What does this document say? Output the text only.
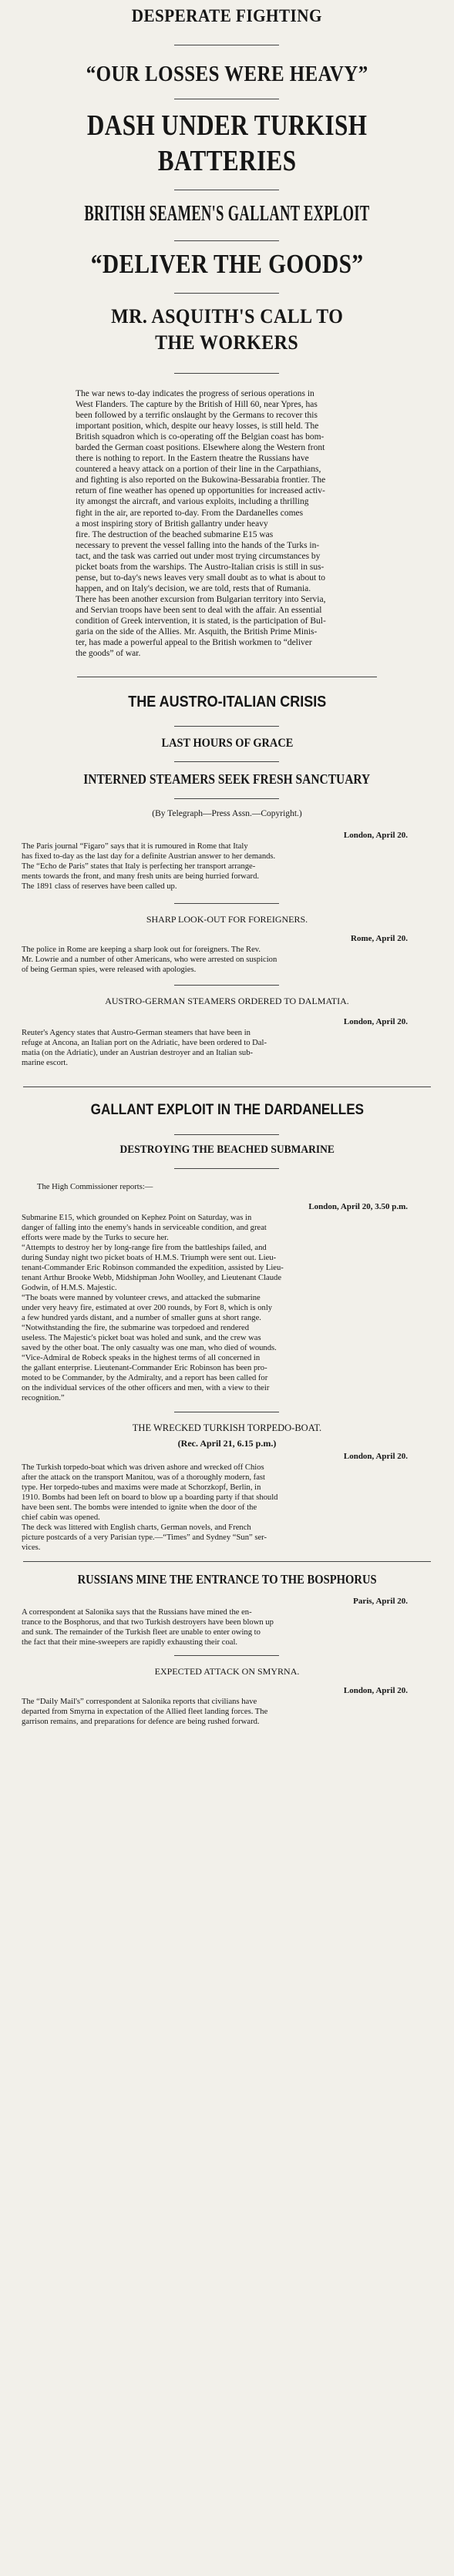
DESPERATE FIGHTING
“OUR LOSSES WERE HEAVY”
DASH UNDER TURKISH
BATTERIES
BRITISH SEAMEN'S GALLANT EXPLOIT
“DELIVER THE GOODS”
MR. ASQUITH'S CALL TO
THE WORKERS
The war news to-day indicates the progress of serious operations in
West Flanders. The capture by the British of Hill 60, near Ypres, has
been followed by a terrific onslaught by the Germans to recover this
important position, which, despite our heavy losses, is still held. The
British squadron which is co-operating off the Belgian coast has bom-
barded the German coast positions. Elsewhere along the Western front
there is nothing to report. In the Eastern theatre the Russians have
countered a heavy attack on a portion of their line in the Carpathians,
and fighting is also reported on the Bukowina-Bessarabia frontier. The
return of fine weather has opened up opportunities for increased activ-
ity amongst the aircraft, and various exploits, including a thrilling
fight in the air, are reported to-day. From the Dardanelles comes
a most inspiring story of British gallantry under heavy
fire. The destruction of the beached submarine E15 was
necessary to prevent the vessel falling into the hands of the Turks in-
tact, and the task was carried out under most trying circumstances by
picket boats from the warships. The Austro-Italian crisis is still in sus-
pense, but to-day's news leaves very small doubt as to what is about to
happen, and on Italy's decision, we are told, rests that of Rumania.
There has been another excursion from Bulgarian territory into Servia,
and Servian troops have been sent to deal with the affair. An essential
condition of Greek intervention, it is stated, is the participation of Bul-
garia on the side of the Allies. Mr. Asquith, the British Prime Minis-
ter, has made a powerful appeal to the British workmen to “deliver
the goods” of war.
THE AUSTRO-ITALIAN CRISIS
LAST HOURS OF GRACE
INTERNED STEAMERS SEEK FRESH SANCTUARY
(By Telegraph—Press Assn.—Copyright.)
London, April 20.
The Paris journal “Figaro” says that it is rumoured in Rome that Italy
has fixed to-day as the last day for a definite Austrian answer to her demands.
The “Echo de Paris” states that Italy is perfecting her transport arrange-
ments towards the front, and many fresh units are being hurried forward.
The 1891 class of reserves have been called up.
SHARP LOOK-OUT FOR FOREIGNERS.
Rome, April 20.
The police in Rome are keeping a sharp look out for foreigners. The Rev.
Mr. Lowrie and a number of other Americans, who were arrested on suspicion
of being German spies, were released with apologies.
AUSTRO-GERMAN STEAMERS ORDERED TO DALMATIA.
London, April 20.
Reuter's Agency states that Austro-German steamers that have been in
refuge at Ancona, an Italian port on the Adriatic, have been ordered to Dal-
matia (on the Adriatic), under an Austrian destroyer and an Italian sub-
marine escort.
GALLANT EXPLOIT IN THE DARDANELLES
DESTROYING THE BEACHED SUBMARINE
The High Commissioner reports:—
London, April 20, 3.50 p.m.
Submarine E15, which grounded on Kephez Point on Saturday, was in
danger of falling into the enemy's hands in serviceable condition, and great
efforts were made by the Turks to secure her.
“Attempts to destroy her by long-range fire from the battleships failed, and
during Sunday night two picket boats of H.M.S. Triumph were sent out. Lieu-
tenant-Commander Eric Robinson commanded the expedition, assisted by Lieu-
tenant Arthur Brooke Webb, Midshipman John Woolley, and Lieutenant Claude
Godwin, of H.M.S. Majestic.
“The boats were manned by volunteer crews, and attacked the submarine
under very heavy fire, estimated at over 200 rounds, by Fort 8, which is only
a few hundred yards distant, and a number of smaller guns at short range.
“Notwithstanding the fire, the submarine was torpedoed and rendered
useless. The Majestic's picket boat was holed and sunk, and the crew was
saved by the other boat. The only casualty was one man, who died of wounds.
“Vice-Admiral de Robeck speaks in the highest terms of all concerned in
the gallant enterprise. Lieutenant-Commander Eric Robinson has been pro-
moted to be Commander, by the Admiralty, and a report has been called for
on the individual services of the other officers and men, with a view to their
recognition.”
THE WRECKED TURKISH TORPEDO-BOAT.
(Rec. April 21, 6.15 p.m.)
London, April 20.
The Turkish torpedo-boat which was driven ashore and wrecked off Chios
after the attack on the transport Manitou, was of a thoroughly modern, fast
type. Her torpedo-tubes and maxims were made at Schorzkopf, Berlin, in
1910. Bombs had been left on board to blow up a boarding party if that should
have been sent. The bombs were intended to ignite when the door of the
chief cabin was opened.
The deck was littered with English charts, German novels, and French
picture postcards of a very Parisian type.—“Times” and Sydney “Sun” ser-
vices.
RUSSIANS MINE THE ENTRANCE TO THE BOSPHORUS
Paris, April 20.
A correspondent at Salonika says that the Russians have mined the en-
trance to the Bosphorus, and that two Turkish destroyers have been blown up
and sunk. The remainder of the Turkish fleet are unable to enter owing to
the fact that their mine-sweepers are rapidly exhausting their coal.
EXPECTED ATTACK ON SMYRNA.
London, April 20.
The “Daily Mail's” correspondent at Salonika reports that civilians have
departed from Smyrna in expectation of the Allied fleet landing forces. The
garrison remains, and preparations for defence are being rushed forward.
